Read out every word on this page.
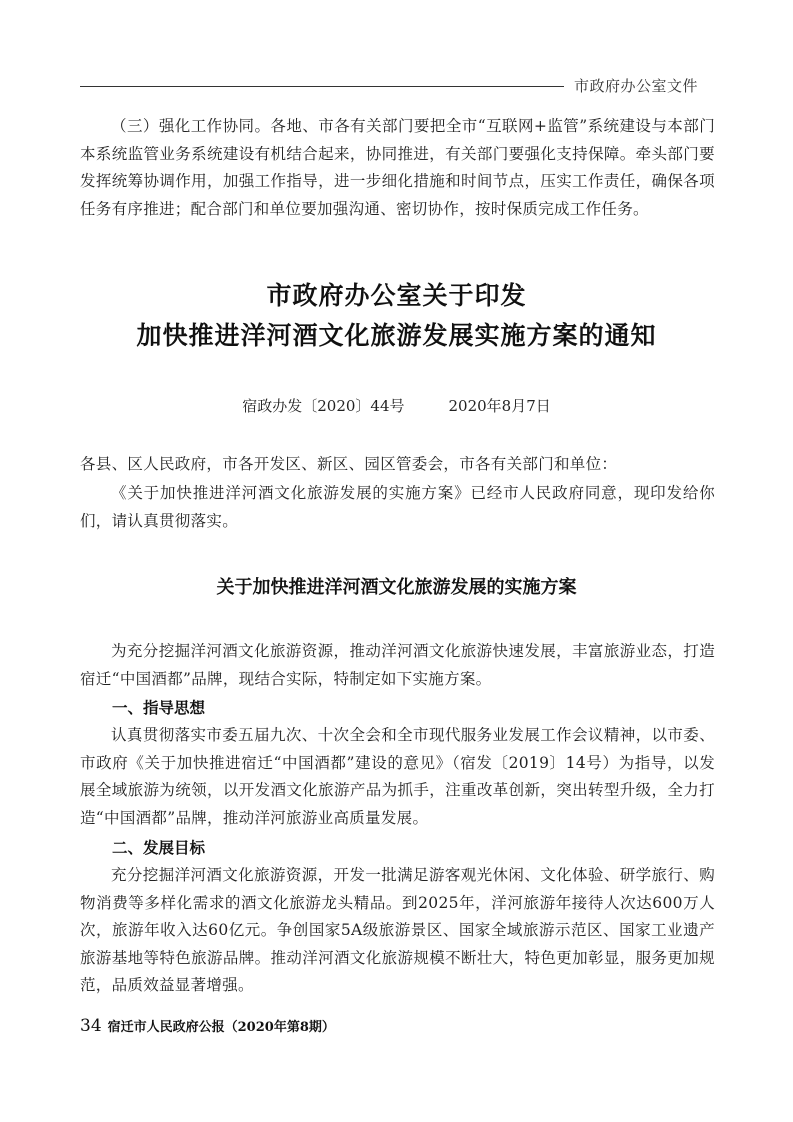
市政府办公室文件

（三）强化工作协同。各地、市各有关部门要把全市“互联网+监管”系统建设与本部门本系统监管业务系统建设有机结合起来，协同推进，有关部门要强化支持保障。牵头部门要发挥统筹协调作用，加强工作指导，进一步细化措施和时间节点，压实工作责任，确保各项任务有序推进；配合部门和单位要加强沟通、密切协作，按时保质完成工作任务。

市政府办公室关于印发
加快推进洋河酒文化旅游发展实施方案的通知
宿政办发〔2020〕44号	2020年8月7日

各县、区人民政府，市各开发区、新区、园区管委会，市各有关部门和单位：

《关于加快推进洋河酒文化旅游发展的实施方案》已经市人民政府同意，现印发给你们，请认真贯彻落实。

关于加快推进洋河酒文化旅游发展的实施方案

为充分挖掘洋河酒文化旅游资源，推动洋河酒文化旅游快速发展，丰富旅游业态，打造宿迁“中国酒都”品牌，现结合实际，特制定如下实施方案。

一、指导思想

认真贯彻落实市委五届九次、十次全会和全市现代服务业发展工作会议精神，以市委、市政府《关于加快推进宿迁“中国酒都”建设的意见》（宿发〔2019〕14号）为指导，以发展全域旅游为统领，以开发酒文化旅游产品为抓手，注重改革创新，突出转型升级，全力打造“中国酒都”品牌，推动洋河旅游业高质量发展。

二、发展目标

充分挖掘洋河酒文化旅游资源，开发一批满足游客观光休闲、文化体验、研学旅行、购物消费等多样化需求的酒文化旅游龙头精品。到2025年，洋河旅游年接待人次达600万人次，旅游年收入达60亿元。争创国家5A级旅游景区、国家全域旅游示范区、国家工业遗产旅游基地等特色旅游品牌。推动洋河酒文化旅游规模不断壮大，特色更加彰显，服务更加规范，品质效益显著增强。

34 宿迁市人民政府公报（2020年第8期）
